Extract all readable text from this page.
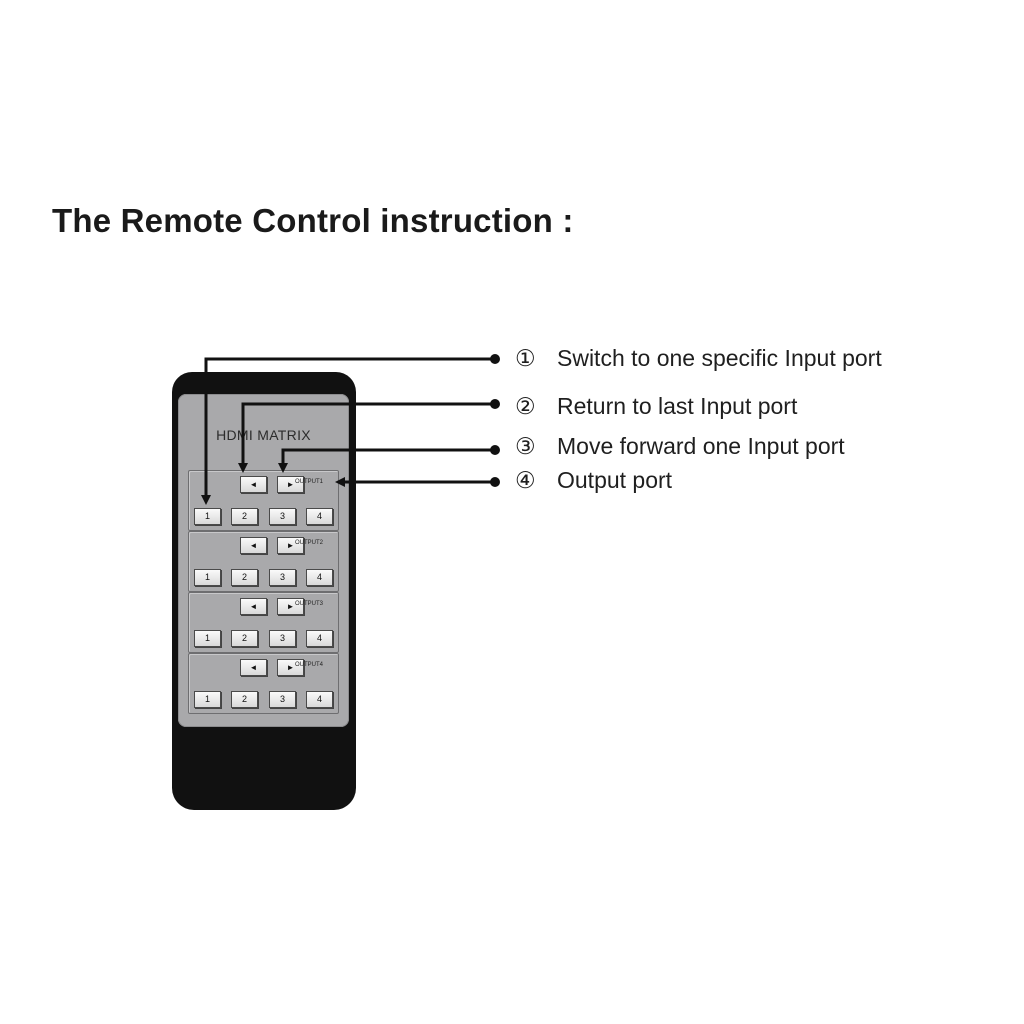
The Remote Control instruction :
HDMI MATRIX
◄	► OUTPUT1
1	2	3	4
◄	► OUTPUT2
1	2	3	4
◄	► OUTPUT3
1	2	3	4
◄	► OUTPUT4
1	2	3	4
① Switch to one specific Input port
② Return to last Input port
③ Move forward one Input port
④ Output port
